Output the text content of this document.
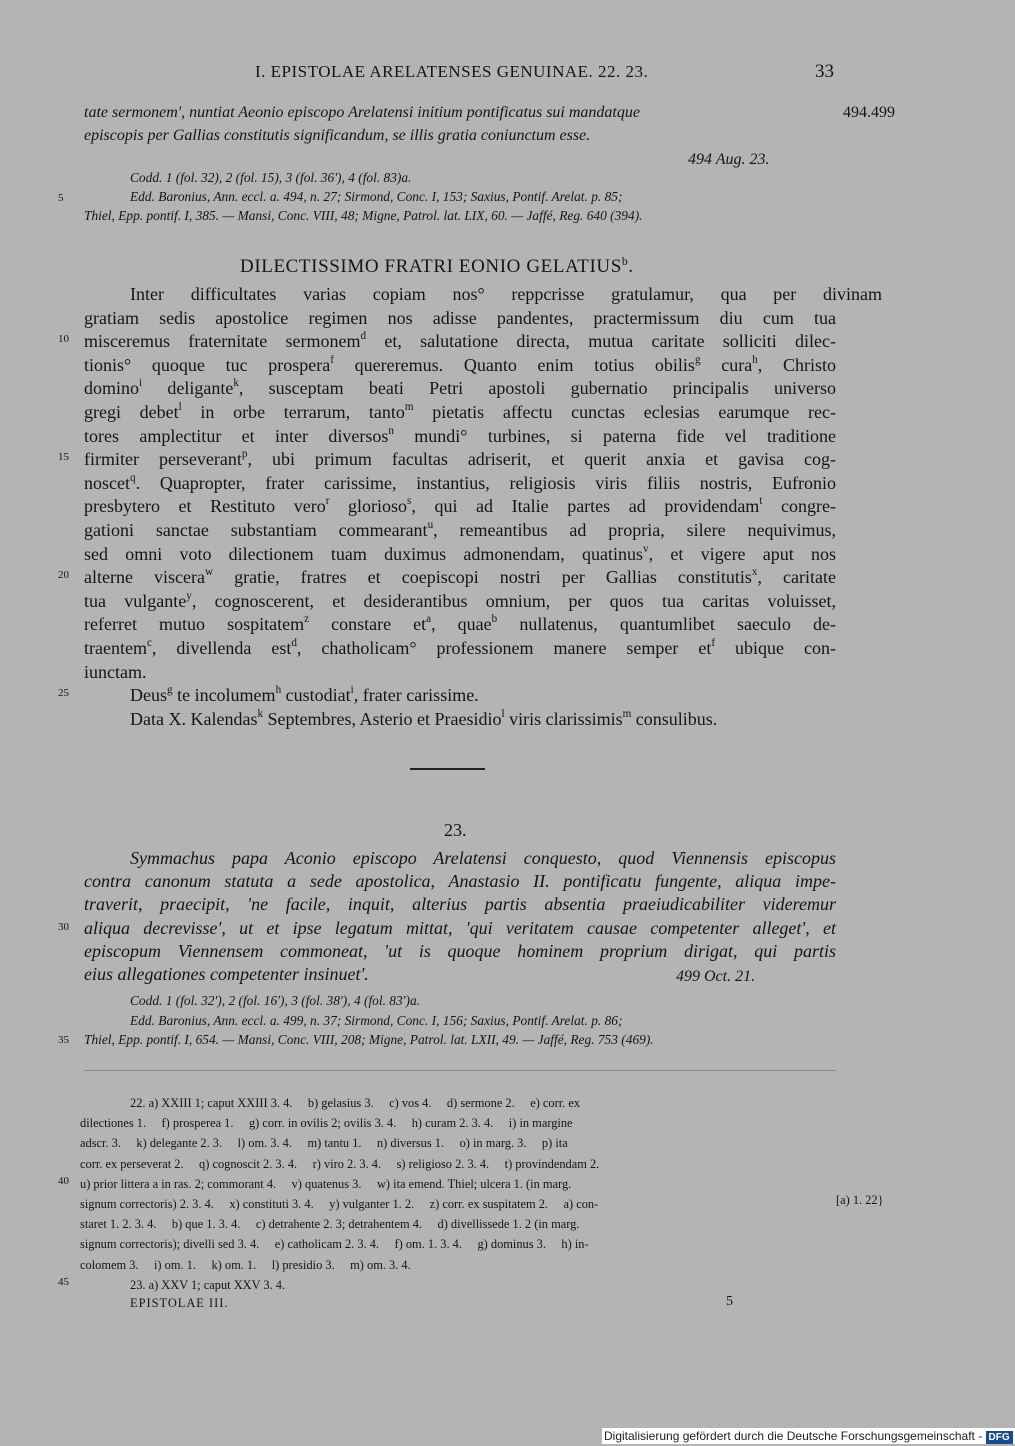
I. EPISTOLAE ARELATENSES GENUINAE. 22. 23.	33
tate sermonem', nuntiat Aeonio episcopo Arelatensi initium pontificatus sui mandatque	494.499
episcopis per Gallias constitutis significandum, se illis gratia coniunctum esse.
494 Aug. 23.
Codd. 1 (fol. 32), 2 (fol. 15), 3 (fol. 36'), 4 (fol. 83)a.
Edd. Baronius, Ann. eccl. a. 494, n. 27; Sirmond, Conc. I, 153; Saxius, Pontif. Arelat. p. 85;
Thiel, Epp. pontif. I, 385. — Mansi, Conc. VIII, 48; Migne, Patrol. lat. LIX, 60. — Jaffé, Reg. 640 (394).
DILECTISSIMO FRATRI EONIO GELATIUS$^b$.
Inter difficultates varias copiam nos° reppcrisse gratulamur, qua per divinam
gratiam sedis apostolice regimen nos adisse pandentes, practermissum diu cum tua
misceremus fraternitate sermonem$^d$ et, salutatione directa, mutua caritate solliciti dilec-
tionis° quoque tuc prospera$^f$ quereremus. Quanto enim totius obilis$^g$ cura$^h$, Christo
domino$^i$ deligante$^k$, susceptam beati Petri apostoli gubernatio principalis universo
gregi debet$^l$ in orbe terrarum, tanto$^m$ pietatis affectu cunctas eclesias earumque rec-
tores amplectitur et inter diversos$^n$ mundi° turbines, si paterna fide vel traditione
firmiter perseverant$^p$, ubi primum facultas adriserit, et querit anxia et gavisa cog-
noscet$^q$. Quapropter, frater carissime, instantius, religiosis viris filiis nostris, Eufronio
presbytero et Restituto vero$^r$ glorioso$^s$, qui ad Italie partes ad providendam$^t$ congre-
gationi sanctae substantiam commearant$^u$, remeantibus ad propria, silere nequivimus,
sed omni voto dilectionem tuam duximus admonendam, quatinus$^v$, et vigere aput nos
alterne viscera$^w$ gratie, fratres et coepiscopi nostri per Gallias constitutis$^x$, caritate
tua vulgante$^y$, cognoscerent, et desiderantibus omnium, per quos tua caritas voluisset,
referret mutuo sospitatem$^z$ constare $et^a$, quae$^b$ nullatenus, quantumlibet saeculo de-
traentem$^c$, divellenda est$^d$, chatholicam° professionem manere semper $et^f$ ubique con-
iunctam.
Deus$^g$ te incolumem$^h$ custodiat$^i$, frater carissime.
Data X. Kalendas$^k$ Septembres, Asterio et Praesidio$^l$ viris clarissimis$^m$ consulibus.
23.
Symmachus papa Aconio episcopo Arelatensi conquesto, quod Viennensis episcopus
contra canonum statuta a sede apostolica, Anastasio II. pontificatu fungente, aliqua impe-
traverit, praecipit, 'ne facile, inquit, alterius partis absentia praeiudicabiliter videremur
aliqua decrevisse', ut et ipse legatum mittat, 'qui veritatem causae competenter alleget', et
episcopum Viennensem commoneat, 'ut is quoque hominem proprium dirigat, qui partis
eius allegationes competenter insinuet'.	499 Oct. 21.
Codd. 1 (fol. 32'), 2 (fol. 16'), 3 (fol. 38'), 4 (fol. 83')a.
Edd. Baronius, Ann. eccl. a. 499, n. 37; Sirmond, Conc. I, 156; Saxius, Pontif. Arelat. p. 86;
Thiel, Epp. pontif. I, 654. — Mansi, Conc. VIII, 208; Migne, Patrol. lat. LXII, 49. — Jaffé, Reg. 753 (469).
5
10
15
20
25
30
35
40
45
22. a) XXIII 1; caput XXIII 3. 4.     b) gelasius 3.     c) vos 4.     d) sermone 2.     e) corr. ex
dilectiones 1.     f) prosperea 1.     g) corr. in ovilis 2; ovilis 3. 4.     h) curam 2. 3. 4.     i) in margine
adscr. 3.     k) delegante 2. 3.     l) om. 3. 4.     m) tantu 1.     n) diversus 1.     o) in marg. 3.     p) ita
corr. ex perseverat 2.     q) cognoscit 2. 3. 4.     r) viro 2. 3. 4.     s) religioso 2. 3. 4.     t) provindendam 2.
u) prior littera a in ras. 2; commorant 4.     v) quatenus 3.     w) ita emend. Thiel; ulcera 1. (in marg.
signum correctoris) 2. 3. 4.     x) constituti 3. 4.     y) vulganter 1. 2.     z) corr. ex suspitatem 2.     a) con-
staret 1. 2. 3. 4.     b) que 1. 3. 4.     c) detrahente 2. 3; detrahentem 4.     d) divellissede 1. 2 (in marg.
signum correctoris); divelli sed 3. 4.     e) catholicam 2. 3. 4.     f) om. 1. 3. 4.     g) dominus 3.     h) in-
colomem 3.     i) om. 1.     k) om. 1.     l) presidio 3.     m) om. 3. 4.
23. a) XXV 1; caput XXV 3. 4.
[a) 1. 22}
EPISTOLAE III.	5
Digitalisierung gefördert durch die Deutsche Forschungsgemeinschaft - DFG
